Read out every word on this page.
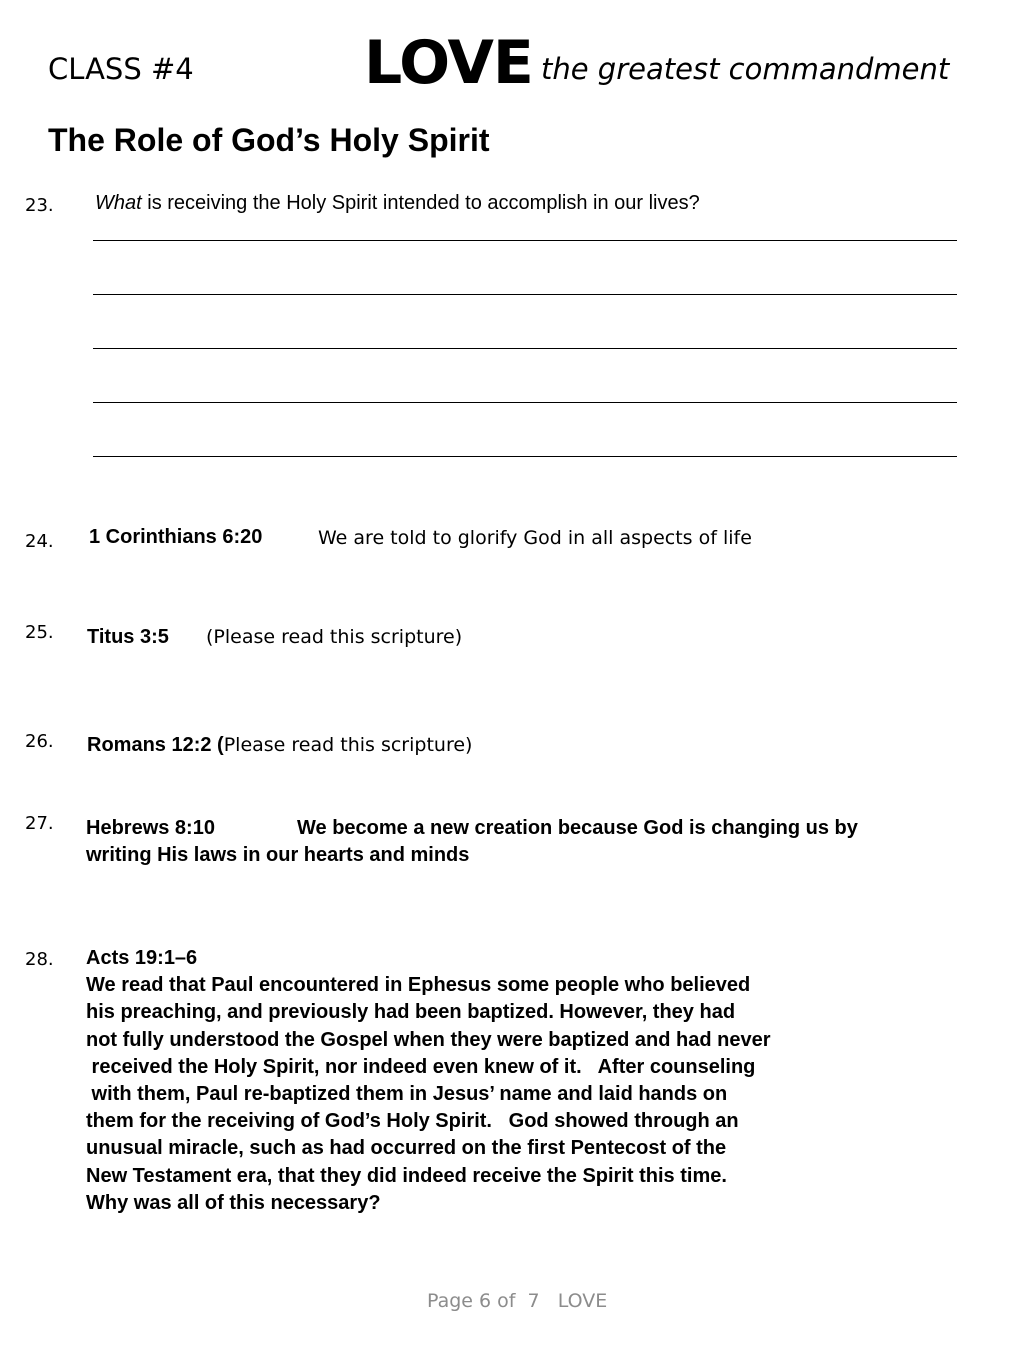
CLASS #4	LOVE the greatest commandment
The Role of God’s Holy Spirit
23. What is receiving the Holy Spirit intended to accomplish in our lives?
24. 1 Corinthians 6:20	We are told to glorify God in all aspects of life
25. Titus 3:5 (Please read this scripture)
26. Romans 12:2 (Please read this scripture)
27. Hebrews 8:10	We become a new creation because God is changing us by
writing His laws in our hearts and minds
28. Acts 19:1–6
We read that Paul encountered in Ephesus some people who believed
his preaching, and previously had been baptized. However, they had
not fully understood the Gospel when they were baptized and had never
received the Holy Spirit, nor indeed even knew of it.   After counseling
with them, Paul re-baptized them in Jesus’ name and laid hands on
them for the receiving of God’s Holy Spirit.   God showed through an
unusual miracle, such as had occurred on the first Pentecost of the
New Testament era, that they did indeed receive the Spirit this time.
Why was all of this necessary?
Page 6 of  7   LOVE
